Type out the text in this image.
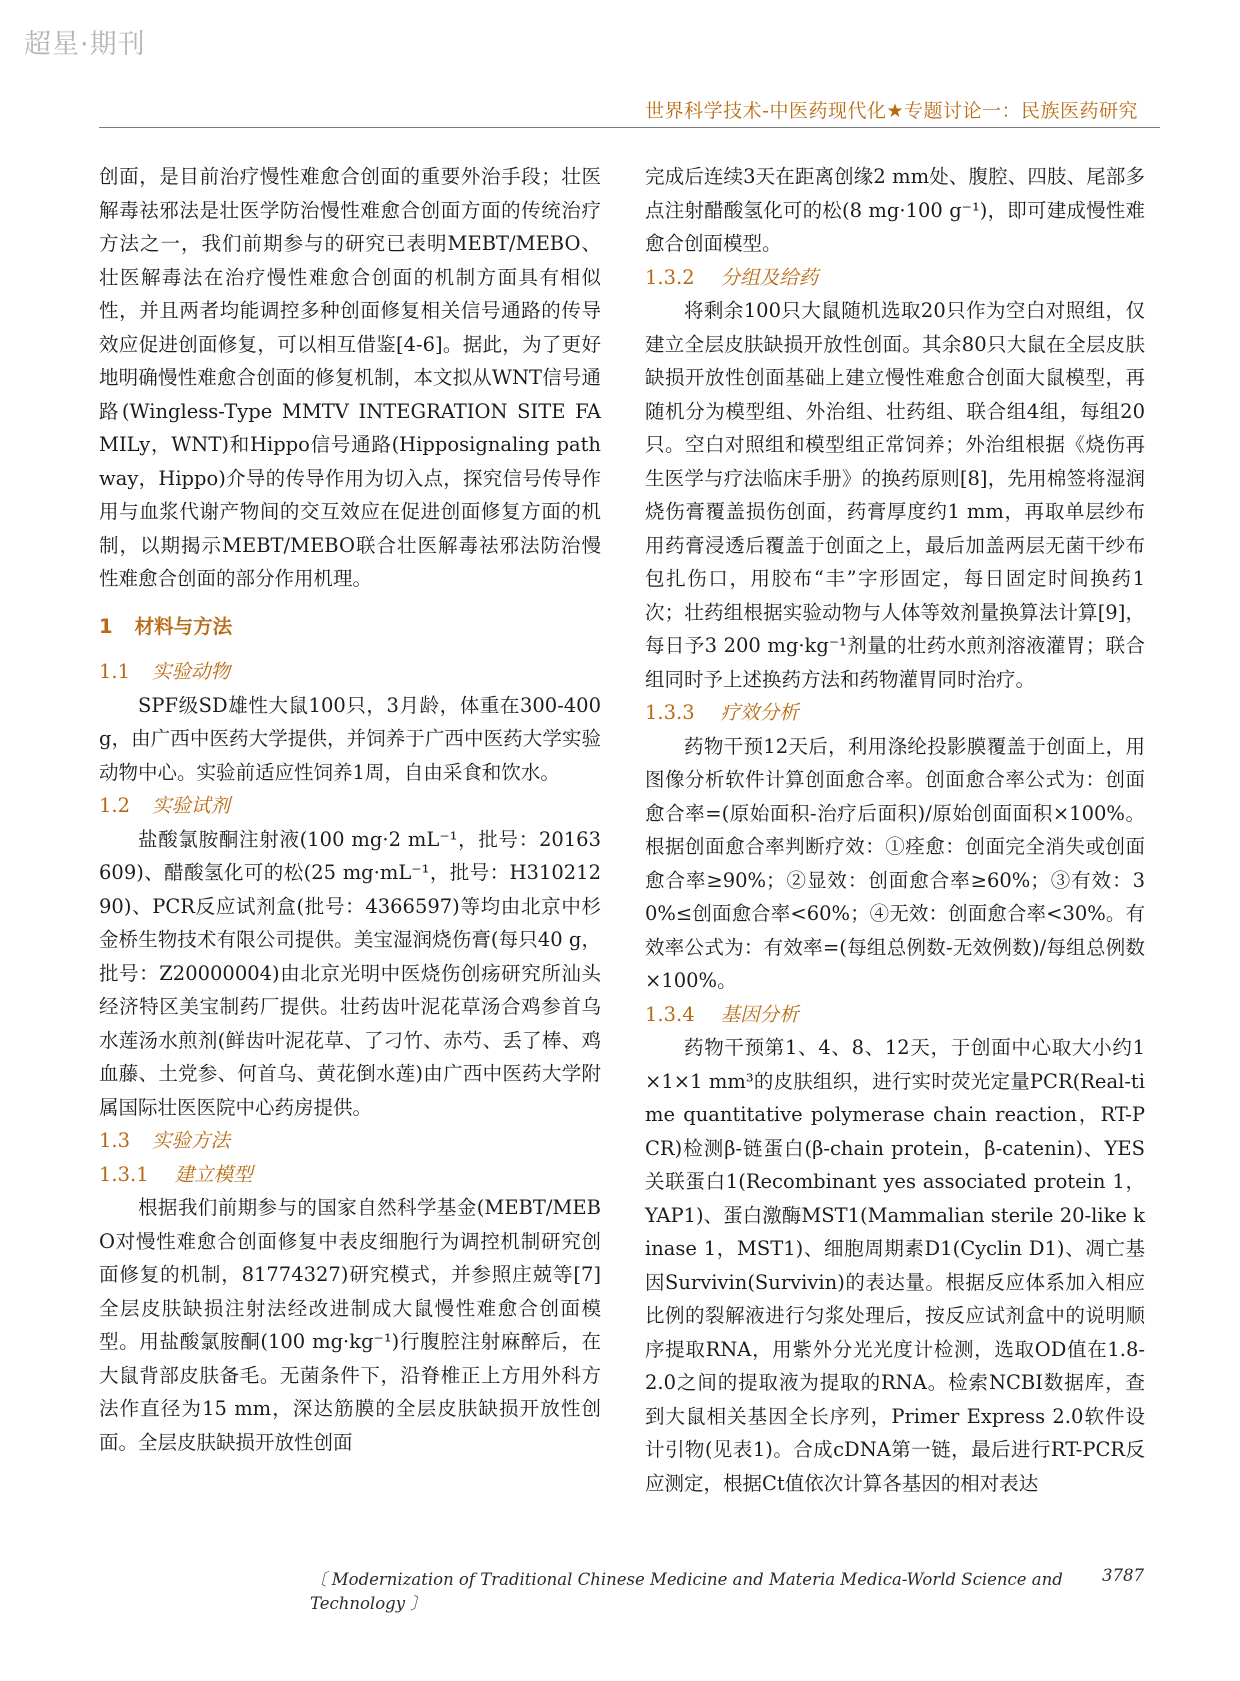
超星·期刊
世界科学技术-中医药现代化★专题讨论一：民族医药研究

创面，是目前治疗慢性难愈合创面的重要外治手段；壮医解毒祛邪法是壮医学防治慢性难愈合创面方面的传统治疗方法之一，我们前期参与的研究已表明MEBT/MEBO、壮医解毒法在治疗慢性难愈合创面的机制方面具有相似性，并且两者均能调控多种创面修复相关信号通路的传导效应促进创面修复，可以相互借鉴[4-6]。据此，为了更好地明确慢性难愈合创面的修复机制，本文拟从WNT信号通路(Wingless-Type MMTV INTEGRATION SITE FAMILy，WNT)和Hippo信号通路(Hipposignaling pathway，Hippo)介导的传导作用为切入点，探究信号传导作用与血浆代谢产物间的交互效应在促进创面修复方面的机制，以期揭示MEBT/MEBO联合壮医解毒祛邪法防治慢性难愈合创面的部分作用机理。

1 材料与方法
1.1 实验动物

SPF级SD雄性大鼠100只，3月龄，体重在300-400 g，由广西中医药大学提供，并饲养于广西中医药大学实验动物中心。实验前适应性饲养1周，自由采食和饮水。

1.2 实验试剂

盐酸氯胺酮注射液(100 mg·2 mL⁻¹，批号：20163609)、醋酸氢化可的松(25 mg·mL⁻¹，批号：H31021290)、PCR反应试剂盒(批号：4366597)等均由北京中杉金桥生物技术有限公司提供。美宝湿润烧伤膏(每只40 g，批号：Z20000004)由北京光明中医烧伤创疡研究所汕头经济特区美宝制药厂提供。壮药齿叶泥花草汤合鸡参首乌水莲汤水煎剂(鲜齿叶泥花草、了刁竹、赤芍、丢了棒、鸡血藤、土党参、何首乌、黄花倒水莲)由广西中医药大学附属国际壮医医院中心药房提供。

1.3 实验方法
1.3.1 建立模型

根据我们前期参与的国家自然科学基金(MEBT/MEBO对慢性难愈合创面修复中表皮细胞行为调控机制研究创面修复的机制，81774327)研究模式，并参照庄兢等[7]全层皮肤缺损注射法经改进制成大鼠慢性难愈合创面模型。用盐酸氯胺酮(100 mg·kg⁻¹)行腹腔注射麻醉后，在大鼠背部皮肤备毛。无菌条件下，沿脊椎正上方用外科方法作直径为15 mm，深达筋膜的全层皮肤缺损开放性创面。全层皮肤缺损开放性创面

完成后连续3天在距离创缘2 mm处、腹腔、四肢、尾部多点注射醋酸氢化可的松(8 mg·100 g⁻¹)，即可建成慢性难愈合创面模型。

1.3.2 分组及给药

将剩余100只大鼠随机选取20只作为空白对照组，仅建立全层皮肤缺损开放性创面。其余80只大鼠在全层皮肤缺损开放性创面基础上建立慢性难愈合创面大鼠模型，再随机分为模型组、外治组、壮药组、联合组4组，每组20只。空白对照组和模型组正常饲养；外治组根据《烧伤再生医学与疗法临床手册》的换药原则[8]，先用棉签将湿润烧伤膏覆盖损伤创面，药膏厚度约1 mm，再取单层纱布用药膏浸透后覆盖于创面之上，最后加盖两层无菌干纱布包扎伤口，用胶布“丰”字形固定，每日固定时间换药1次；壮药组根据实验动物与人体等效剂量换算法计算[9]，每日予3 200 mg·kg⁻¹剂量的壮药水煎剂溶液灌胃；联合组同时予上述换药方法和药物灌胃同时治疗。

1.3.3 疗效分析

药物干预12天后，利用涤纶投影膜覆盖于创面上，用图像分析软件计算创面愈合率。创面愈合率公式为：创面愈合率=(原始面积-治疗后面积)/原始创面面积×100%。根据创面愈合率判断疗效：①痊愈：创面完全消失或创面愈合率≥90%；②显效：创面愈合率≥60%；③有效：30%≤创面愈合率<60%；④无效：创面愈合率<30%。有效率公式为：有效率=(每组总例数-无效例数)/每组总例数×100%。

1.3.4 基因分析

药物干预第1、4、8、12天，于创面中心取大小约1×1×1 mm³的皮肤组织，进行实时荧光定量PCR(Real-time quantitative polymerase chain reaction，RT-PCR)检测β-链蛋白(β-chain protein，β-catenin)、YES关联蛋白1(Recombinant yes associated protein 1，YAP1)、蛋白激酶MST1(Mammalian sterile 20-like kinase 1，MST1)、细胞周期素D1(Cyclin D1)、凋亡基因Survivin(Survivin)的表达量。根据反应体系加入相应比例的裂解液进行匀浆处理后，按反应试剂盒中的说明顺序提取RNA，用紫外分光光度计检测，选取OD值在1.8-2.0之间的提取液为提取的RNA。检索NCBI数据库，查到大鼠相关基因全长序列，Primer Express 2.0软件设计引物(见表1)。合成cDNA第一链，最后进行RT-PCR反应测定，根据Ct值依次计算各基因的相对表达

〔 Modernization of Traditional Chinese Medicine and Materia Medica-World Science and Technology 〕
3787
